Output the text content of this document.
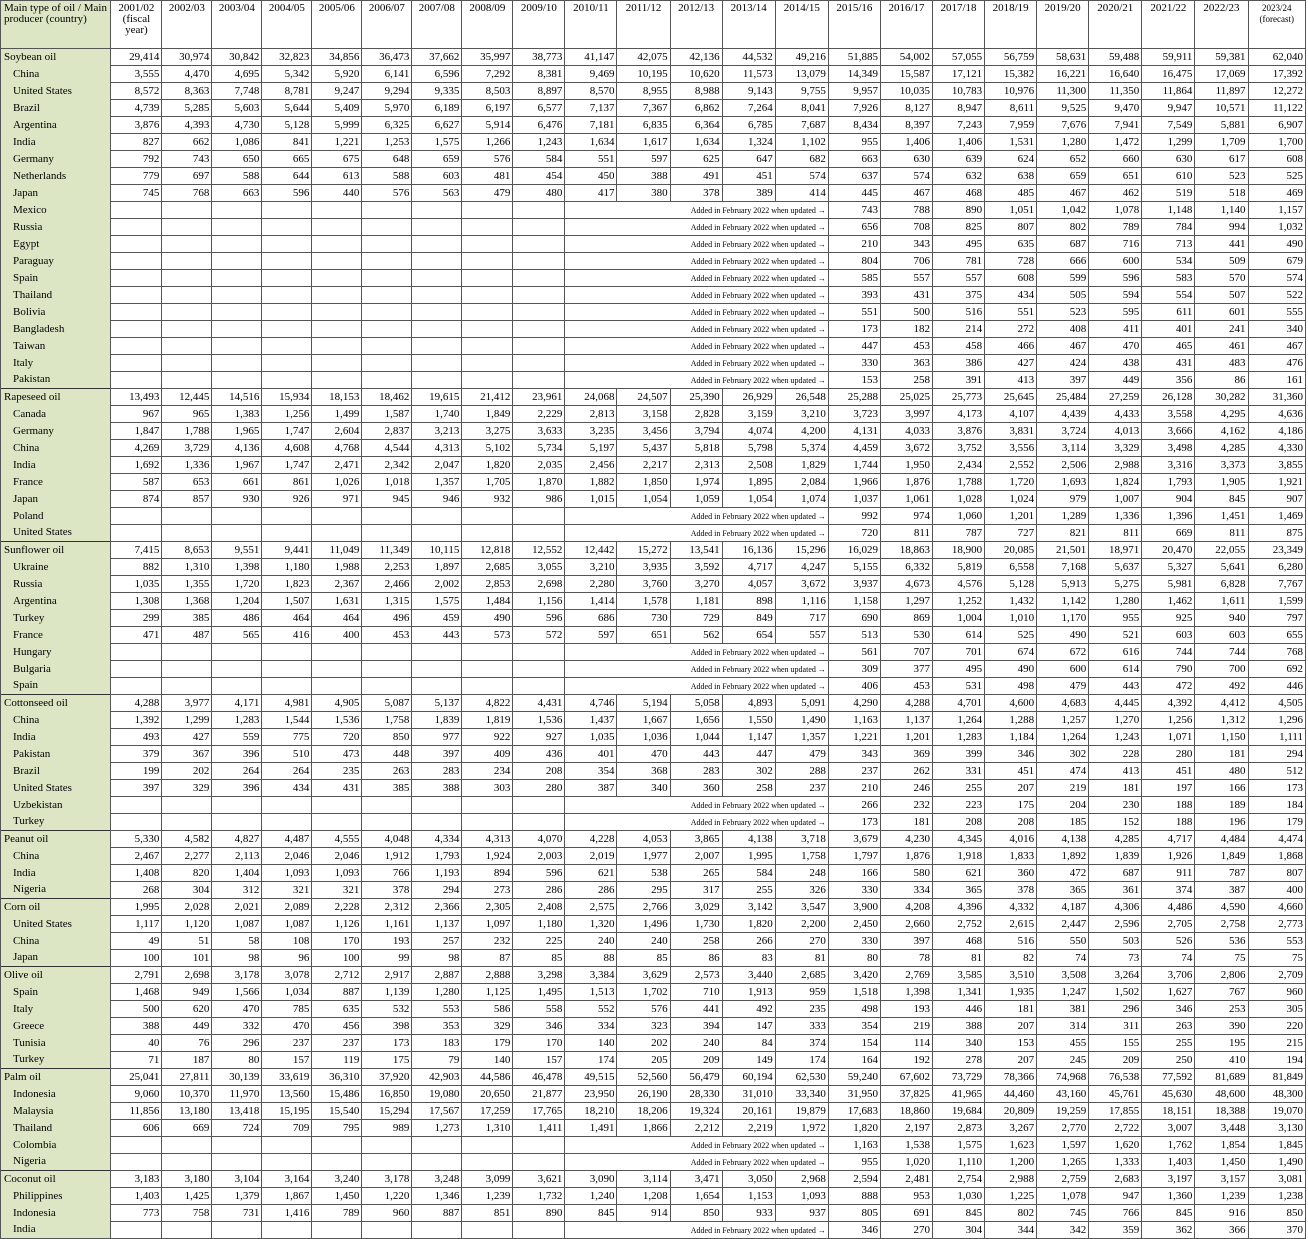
Main type of oil / Main producer (country)	2001/02 (fiscal year)	2002/03	2003/04	2004/05	2005/06	2006/07	2007/08	2008/09	2009/10	2010/11	2011/12	2012/13	2013/14	2014/15	2015/16	2016/17	2017/18	2018/19	2019/20	2020/21	2021/22	2022/23	2023/24 (forecast)
Soybean oil	29,414	30,974	30,842	32,823	34,856	36,473	37,662	35,997	38,773	41,147	42,075	42,136	44,532	49,216	51,885	54,002	57,055	56,759	58,631	59,488	59,911	59,381	62,040
China	3,555	4,470	4,695	5,342	5,920	6,141	6,596	7,292	8,381	9,469	10,195	10,620	11,573	13,079	14,349	15,587	17,121	15,382	16,221	16,640	16,475	17,069	17,392
United States	8,572	8,363	7,748	8,781	9,247	9,294	9,335	8,503	8,897	8,570	8,955	8,988	9,143	9,755	9,957	10,035	10,783	10,976	11,300	11,350	11,864	11,897	12,272
Brazil	4,739	5,285	5,603	5,644	5,409	5,970	6,189	6,197	6,577	7,137	7,367	6,862	7,264	8,041	7,926	8,127	8,947	8,611	9,525	9,470	9,947	10,571	11,122
Argentina	3,876	4,393	4,730	5,128	5,999	6,325	6,627	5,914	6,476	7,181	6,835	6,364	6,785	7,687	8,434	8,397	7,243	7,959	7,676	7,941	7,549	5,881	6,907
India	827	662	1,086	841	1,221	1,253	1,575	1,266	1,243	1,634	1,617	1,634	1,324	1,102	955	1,406	1,406	1,531	1,280	1,472	1,299	1,709	1,700
Germany	792	743	650	665	675	648	659	576	584	551	597	625	647	682	663	630	639	624	652	660	630	617	608
Netherlands	779	697	588	644	613	588	603	481	454	450	388	491	451	574	637	574	632	638	659	651	610	523	525
Japan	745	768	663	596	440	576	563	479	480	417	380	378	389	414	445	467	468	485	467	462	519	518	469
Mexico										Added in February 2022 when updated →					743	788	890	1,051	1,042	1,078	1,148	1,140	1,157
Russia										Added in February 2022 when updated →					656	708	825	807	802	789	784	994	1,032
Egypt										Added in February 2022 when updated →					210	343	495	635	687	716	713	441	490
Paraguay										Added in February 2022 when updated →					804	706	781	728	666	600	534	509	679
Spain										Added in February 2022 when updated →					585	557	557	608	599	596	583	570	574
Thailand										Added in February 2022 when updated →					393	431	375	434	505	594	554	507	522
Bolivia										Added in February 2022 when updated →					551	500	516	551	523	595	611	601	555
Bangladesh										Added in February 2022 when updated →					173	182	214	272	408	411	401	241	340
Taiwan										Added in February 2022 when updated →					447	453	458	466	467	470	465	461	467
Italy										Added in February 2022 when updated →					330	363	386	427	424	438	431	483	476
Pakistan										Added in February 2022 when updated →					153	258	391	413	397	449	356	86	161
Rapeseed oil	13,493	12,445	14,516	15,934	18,153	18,462	19,615	21,412	23,961	24,068	24,507	25,390	26,929	26,548	25,288	25,025	25,773	25,645	25,484	27,259	26,128	30,282	31,360
Canada	967	965	1,383	1,256	1,499	1,587	1,740	1,849	2,229	2,813	3,158	2,828	3,159	3,210	3,723	3,997	4,173	4,107	4,439	4,433	3,558	4,295	4,636
Germany	1,847	1,788	1,965	1,747	2,604	2,837	3,213	3,275	3,633	3,235	3,456	3,794	4,074	4,200	4,131	4,033	3,876	3,831	3,724	4,013	3,666	4,162	4,186
China	4,269	3,729	4,136	4,608	4,768	4,544	4,313	5,102	5,734	5,197	5,437	5,818	5,798	5,374	4,459	3,672	3,752	3,556	3,114	3,329	3,498	4,285	4,330
India	1,692	1,336	1,967	1,747	2,471	2,342	2,047	1,820	2,035	2,456	2,217	2,313	2,508	1,829	1,744	1,950	2,434	2,552	2,506	2,988	3,316	3,373	3,855
France	587	653	661	861	1,026	1,018	1,357	1,705	1,870	1,882	1,850	1,974	1,895	2,084	1,966	1,876	1,788	1,720	1,693	1,824	1,793	1,905	1,921
Japan	874	857	930	926	971	945	946	932	986	1,015	1,054	1,059	1,054	1,074	1,037	1,061	1,028	1,024	979	1,007	904	845	907
Poland										Added in February 2022 when updated →					992	974	1,060	1,201	1,289	1,336	1,396	1,451	1,469
United States										Added in February 2022 when updated →					720	811	787	727	821	811	669	811	875
Sunflower oil	7,415	8,653	9,551	9,441	11,049	11,349	10,115	12,818	12,552	12,442	15,272	13,541	16,136	15,296	16,029	18,863	18,900	20,085	21,501	18,971	20,470	22,055	23,349
Ukraine	882	1,310	1,398	1,180	1,988	2,253	1,897	2,685	3,055	3,210	3,935	3,592	4,717	4,247	5,155	6,332	5,819	6,558	7,168	5,637	5,327	5,641	6,280
Russia	1,035	1,355	1,720	1,823	2,367	2,466	2,002	2,853	2,698	2,280	3,760	3,270	4,057	3,672	3,937	4,673	4,576	5,128	5,913	5,275	5,981	6,828	7,767
Argentina	1,308	1,368	1,204	1,507	1,631	1,315	1,575	1,484	1,156	1,414	1,578	1,181	898	1,116	1,158	1,297	1,252	1,432	1,142	1,280	1,462	1,611	1,599
Turkey	299	385	486	464	464	496	459	490	596	686	730	729	849	717	690	869	1,004	1,010	1,170	955	925	940	797
France	471	487	565	416	400	453	443	573	572	597	651	562	654	557	513	530	614	525	490	521	603	603	655
Hungary										Added in February 2022 when updated →					561	707	701	674	672	616	744	744	768
Bulgaria										Added in February 2022 when updated →					309	377	495	490	600	614	790	700	692
Spain										Added in February 2022 when updated →					406	453	531	498	479	443	472	492	446
Cottonseed oil	4,288	3,977	4,171	4,981	4,905	5,087	5,137	4,822	4,431	4,746	5,194	5,058	4,893	5,091	4,290	4,288	4,701	4,600	4,683	4,445	4,392	4,412	4,505
China	1,392	1,299	1,283	1,544	1,536	1,758	1,839	1,819	1,536	1,437	1,667	1,656	1,550	1,490	1,163	1,137	1,264	1,288	1,257	1,270	1,256	1,312	1,296
India	493	427	559	775	720	850	977	922	927	1,035	1,036	1,044	1,147	1,357	1,221	1,201	1,283	1,184	1,264	1,243	1,071	1,150	1,111
Pakistan	379	367	396	510	473	448	397	409	436	401	470	443	447	479	343	369	399	346	302	228	280	181	294
Brazil	199	202	264	264	235	263	283	234	208	354	368	283	302	288	237	262	331	451	474	413	451	480	512
United States	397	329	396	434	431	385	388	303	280	387	340	360	258	237	210	246	255	207	219	181	197	166	173
Uzbekistan										Added in February 2022 when updated →					266	232	223	175	204	230	188	189	184
Turkey										Added in February 2022 when updated →					173	181	208	208	185	152	188	196	179
Peanut oil	5,330	4,582	4,827	4,487	4,555	4,048	4,334	4,313	4,070	4,228	4,053	3,865	4,138	3,718	3,679	4,230	4,345	4,016	4,138	4,285	4,717	4,484	4,474
China	2,467	2,277	2,113	2,046	2,046	1,912	1,793	1,924	2,003	2,019	1,977	2,007	1,995	1,758	1,797	1,876	1,918	1,833	1,892	1,839	1,926	1,849	1,868
India	1,408	820	1,404	1,093	1,093	766	1,193	894	596	621	538	265	584	248	166	580	621	360	472	687	911	787	807
Nigeria	268	304	312	321	321	378	294	273	286	286	295	317	255	326	330	334	365	378	365	361	374	387	400
Corn oil	1,995	2,028	2,021	2,089	2,228	2,312	2,366	2,305	2,408	2,575	2,766	3,029	3,142	3,547	3,900	4,208	4,396	4,332	4,187	4,306	4,486	4,590	4,660
United States	1,117	1,120	1,087	1,087	1,126	1,161	1,137	1,097	1,180	1,320	1,496	1,730	1,820	2,200	2,450	2,660	2,752	2,615	2,447	2,596	2,705	2,758	2,773
China	49	51	58	108	170	193	257	232	225	240	240	258	266	270	330	397	468	516	550	503	526	536	553
Japan	100	101	98	96	100	99	98	87	85	88	85	86	83	81	80	78	81	82	74	73	74	75	75
Olive oil	2,791	2,698	3,178	3,078	2,712	2,917	2,887	2,888	3,298	3,384	3,629	2,573	3,440	2,685	3,420	2,769	3,585	3,510	3,508	3,264	3,706	2,806	2,709
Spain	1,468	949	1,566	1,034	887	1,139	1,280	1,125	1,495	1,513	1,702	710	1,913	959	1,518	1,398	1,341	1,935	1,247	1,502	1,627	767	960
Italy	500	620	470	785	635	532	553	586	558	552	576	441	492	235	498	193	446	181	381	296	346	253	305
Greece	388	449	332	470	456	398	353	329	346	334	323	394	147	333	354	219	388	207	314	311	263	390	220
Tunisia	40	76	296	237	237	173	183	179	170	140	202	240	84	374	154	114	340	153	455	155	255	195	215
Turkey	71	187	80	157	119	175	79	140	157	174	205	209	149	174	164	192	278	207	245	209	250	410	194
Palm oil	25,041	27,811	30,139	33,619	36,310	37,920	42,903	44,586	46,478	49,515	52,560	56,479	60,194	62,530	59,240	67,602	73,729	78,366	74,968	76,538	77,592	81,689	81,849
Indonesia	9,060	10,370	11,970	13,560	15,486	16,850	19,080	20,650	21,877	23,950	26,190	28,330	31,010	33,340	31,950	37,825	41,965	44,460	43,160	45,761	45,630	48,600	48,300
Malaysia	11,856	13,180	13,418	15,195	15,540	15,294	17,567	17,259	17,765	18,210	18,206	19,324	20,161	19,879	17,683	18,860	19,684	20,809	19,259	17,855	18,151	18,388	19,070
Thailand	606	669	724	709	795	989	1,273	1,310	1,411	1,491	1,866	2,212	2,219	1,972	1,820	2,197	2,873	3,267	2,770	2,722	3,007	3,448	3,130
Colombia										Added in February 2022 when updated →					1,163	1,538	1,575	1,623	1,597	1,620	1,762	1,854	1,845
Nigeria										Added in February 2022 when updated →					955	1,020	1,110	1,200	1,265	1,333	1,403	1,450	1,490
Coconut oil	3,183	3,180	3,104	3,164	3,240	3,178	3,248	3,099	3,621	3,090	3,114	3,471	3,050	2,968	2,594	2,481	2,754	2,988	2,759	2,683	3,197	3,157	3,081
Philippines	1,403	1,425	1,379	1,867	1,450	1,220	1,346	1,239	1,732	1,240	1,208	1,654	1,153	1,093	888	953	1,030	1,225	1,078	947	1,360	1,239	1,238
Indonesia	773	758	731	1,416	789	960	887	851	890	845	914	850	933	937	805	691	845	802	745	766	845	916	850
India										Added in February 2022 when updated →					346	270	304	344	342	359	362	366	370
